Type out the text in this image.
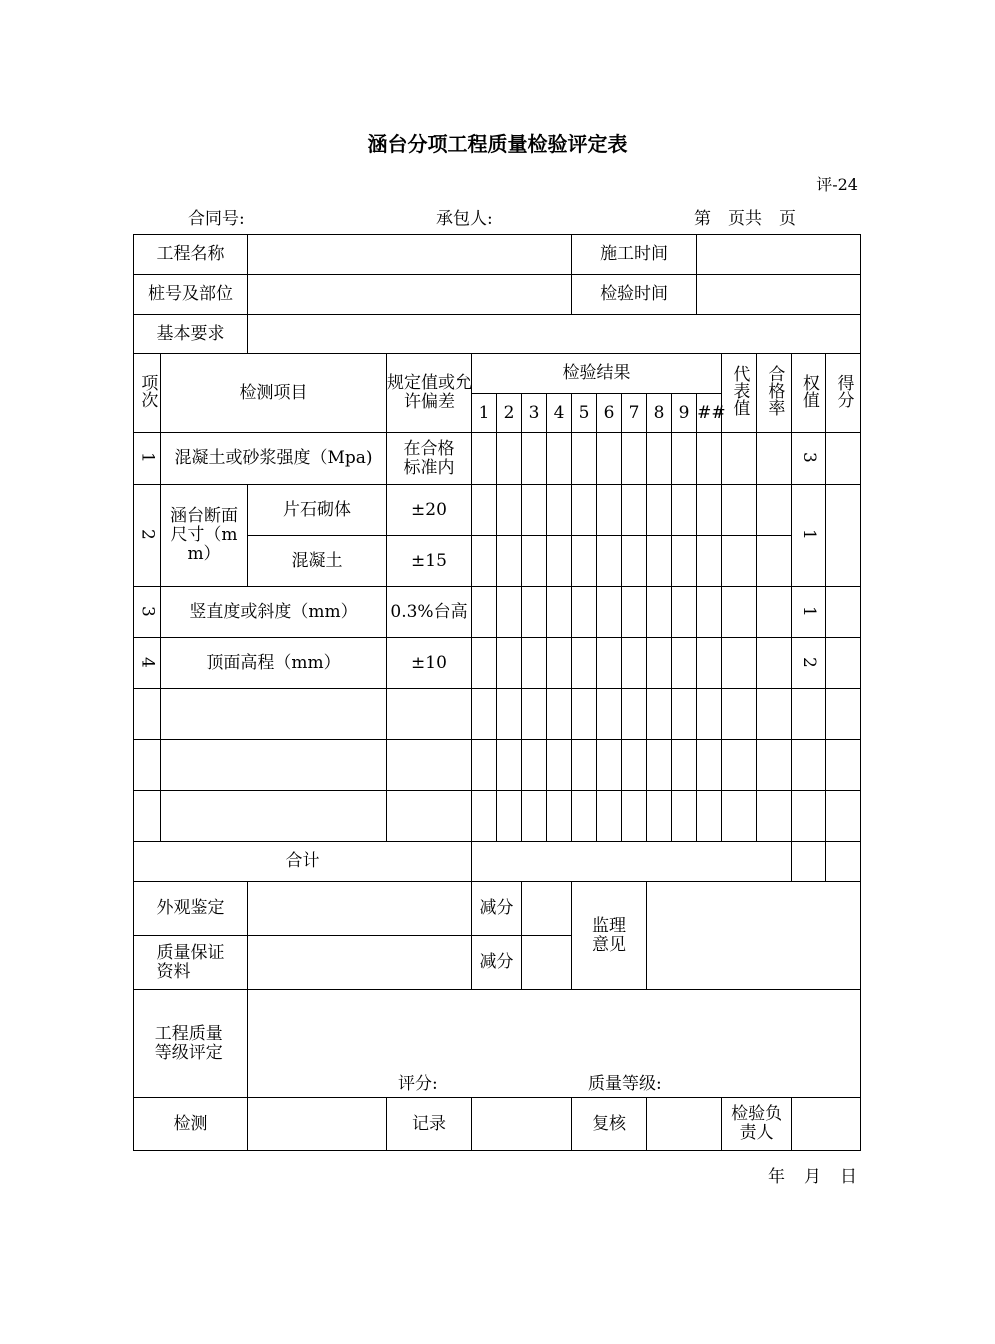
涵台分项工程质量检验评定表
评-24
合同号:	承包人:	第　页共　页
工程名称								施工时间									
桩号及部位								检验时间									
基本要求																	
项次	检测项目		规定值或允许偏差	检验结果										代表值	合格率	权值	得分
				1	2	3	4	5	6	7	8	9	##				
1	混凝土或砂浆强度（Mpa)		在合格标准内													3	
2	涵台断面尺寸（mm）	片石砌体	±20													1	
		混凝土	±15														
3	竖直度或斜度（mm）		0.3%台高													1	
4	顶面高程（mm）		±10													2	

合计																	
外观鉴定				减分				监理意见									

质量保证资料				减分													

工程质量等级评定		评分: 质量等级:															

检测			记录					复核						检验负责人			

年　月　日
